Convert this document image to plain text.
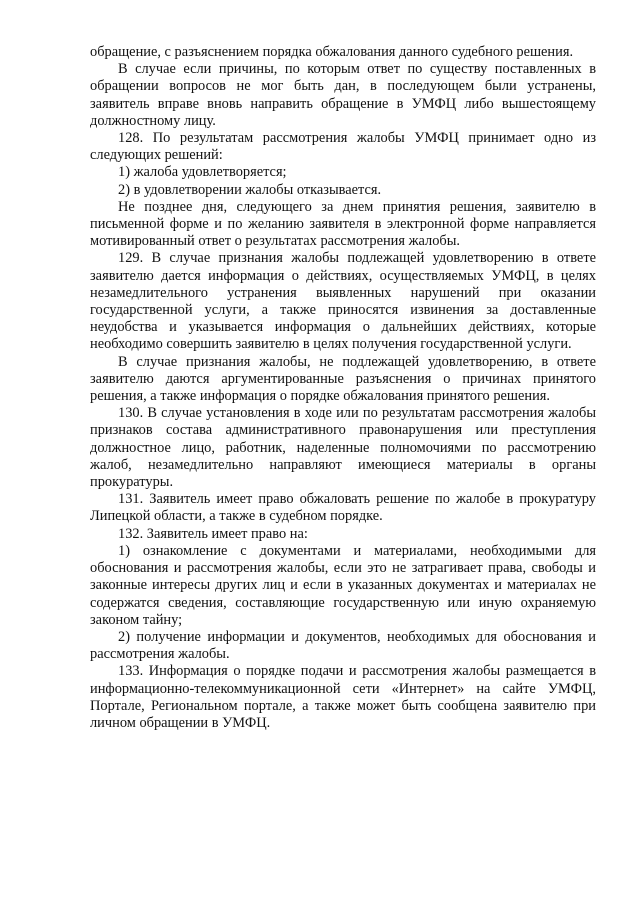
обращение, с разъяснением порядка обжалования данного судебного решения.

В случае если причины, по которым ответ по существу поставленных в обращении вопросов не мог быть дан, в последующем были устранены, заявитель вправе вновь направить обращение в УМФЦ либо вышестоящему должностному лицу.

128. По результатам рассмотрения жалобы УМФЦ принимает одно из следующих решений:

1) жалоба удовлетворяется;

2) в удовлетворении жалобы отказывается.

Не позднее дня, следующего за днем принятия решения, заявителю в письменной форме и по желанию заявителя в электронной форме направляется мотивированный ответ о результатах рассмотрения жалобы.

129. В случае признания жалобы подлежащей удовлетворению в ответе заявителю дается информация о действиях, осуществляемых УМФЦ, в целях незамедлительного устранения выявленных нарушений при оказании государственной услуги, а также приносятся извинения за доставленные неудобства и указывается информация о дальнейших действиях, которые необходимо совершить заявителю в целях получения государственной услуги.

В случае признания жалобы, не подлежащей удовлетворению, в ответе заявителю даются аргументированные разъяснения о причинах принятого решения, а также информация о порядке обжалования принятого решения.

130. В случае установления в ходе или по результатам рассмотрения жалобы признаков состава административного правонарушения или преступления должностное лицо, работник, наделенные полномочиями по рассмотрению жалоб, незамедлительно направляют имеющиеся материалы в органы прокуратуры.

131. Заявитель имеет право обжаловать решение по жалобе в прокуратуру Липецкой области, а также в судебном порядке.

132. Заявитель имеет право на:

1) ознакомление с документами и материалами, необходимыми для обоснования и рассмотрения жалобы, если это не затрагивает права, свободы и законные интересы других лиц и если в указанных документах и материалах не содержатся сведения, составляющие государственную или иную охраняемую законом тайну;

2) получение информации и документов, необходимых для обоснования и рассмотрения жалобы.

133. Информация о порядке подачи и рассмотрения жалобы размещается в информационно-телекоммуникационной сети «Интернет» на сайте УМФЦ, Портале, Региональном портале, а также может быть сообщена заявителю при личном обращении в УМФЦ.
